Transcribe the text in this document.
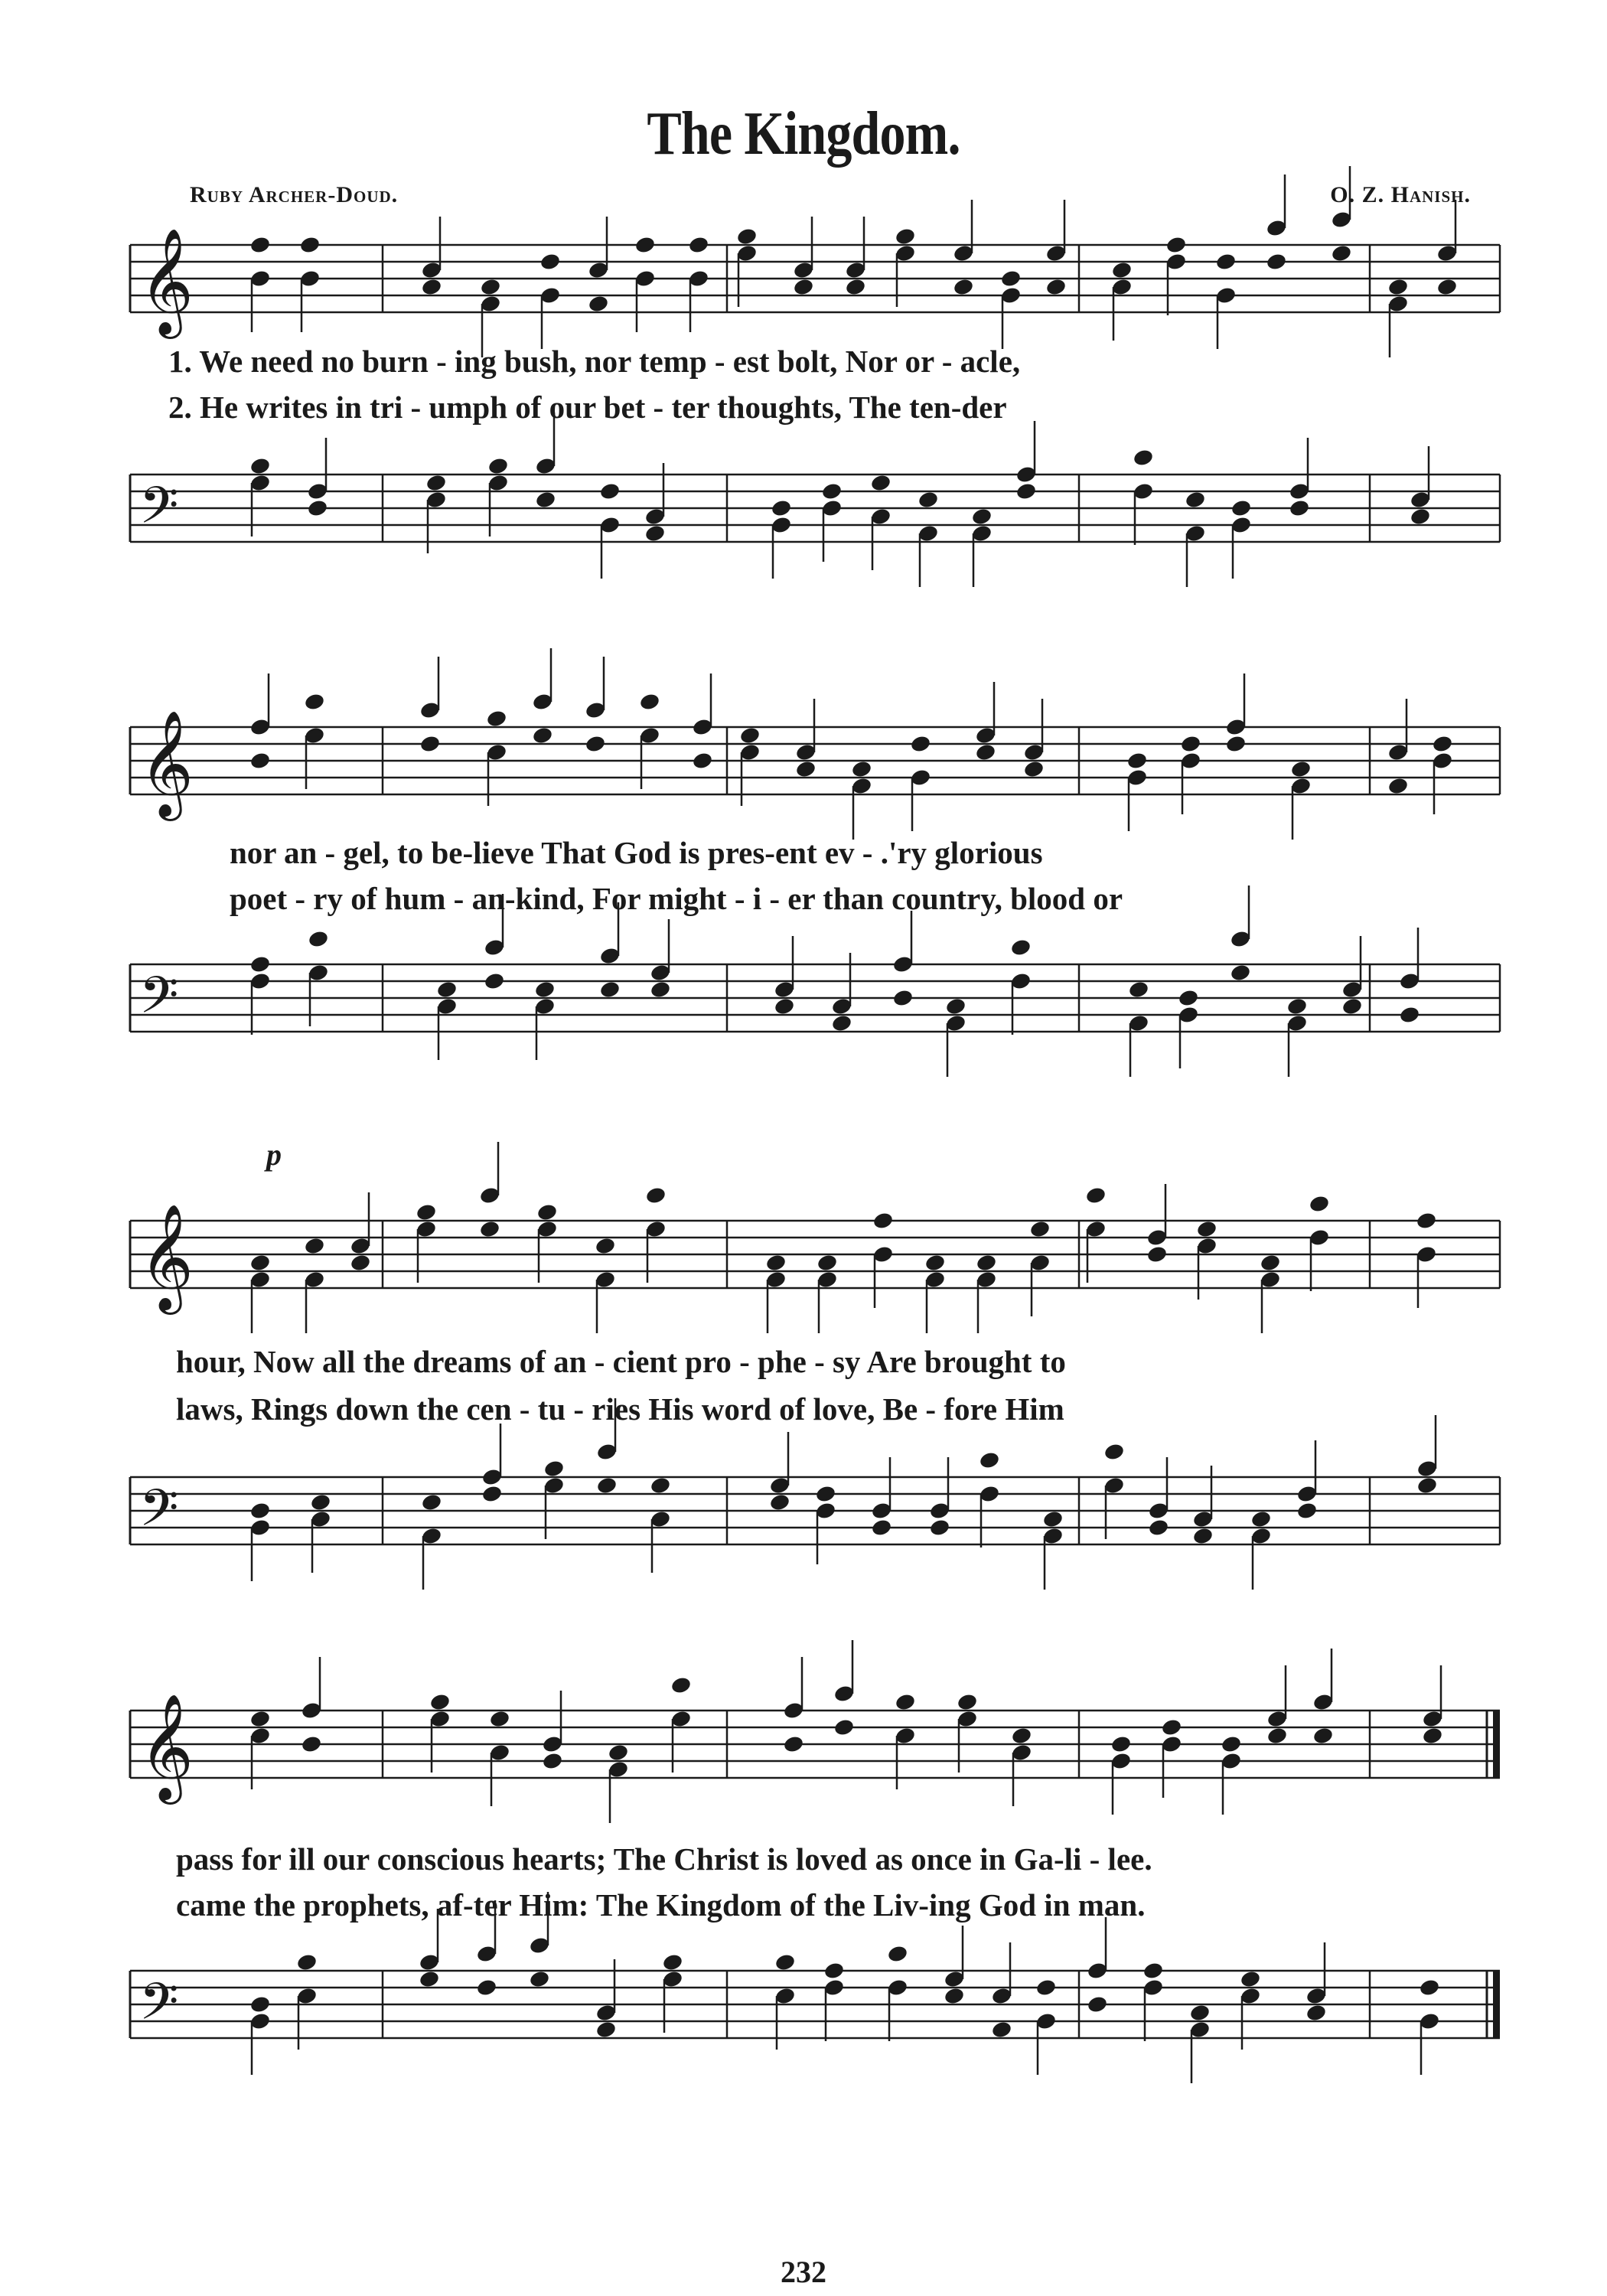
The Kingdom.
Ruby Archer-Doud.	O. Z. Hanish.
𝄞
1. We need no burn - ing bush, nor temp - est bolt, Nor or - acle,
2. He writes in tri - umph of our bet - ter thoughts, The ten-der
𝄢
𝄞
nor an - gel, to be-lieve That God is pres-ent ev - .'ry glorious
poet - ry of hum - an-kind, For might - i - er than country, blood or
𝄢
𝄞
p
hour, Now all the dreams of an - cient pro - phe - sy Are brought to
laws, Rings down the cen - tu - ries His word of love, Be - fore Him
𝄢
𝄞
pass for ill our conscious hearts; The Christ is loved as once in Ga-li - lee.
came the prophets, af-ter Him: The Kingdom of the Liv-ing God in man.
𝄢
232
